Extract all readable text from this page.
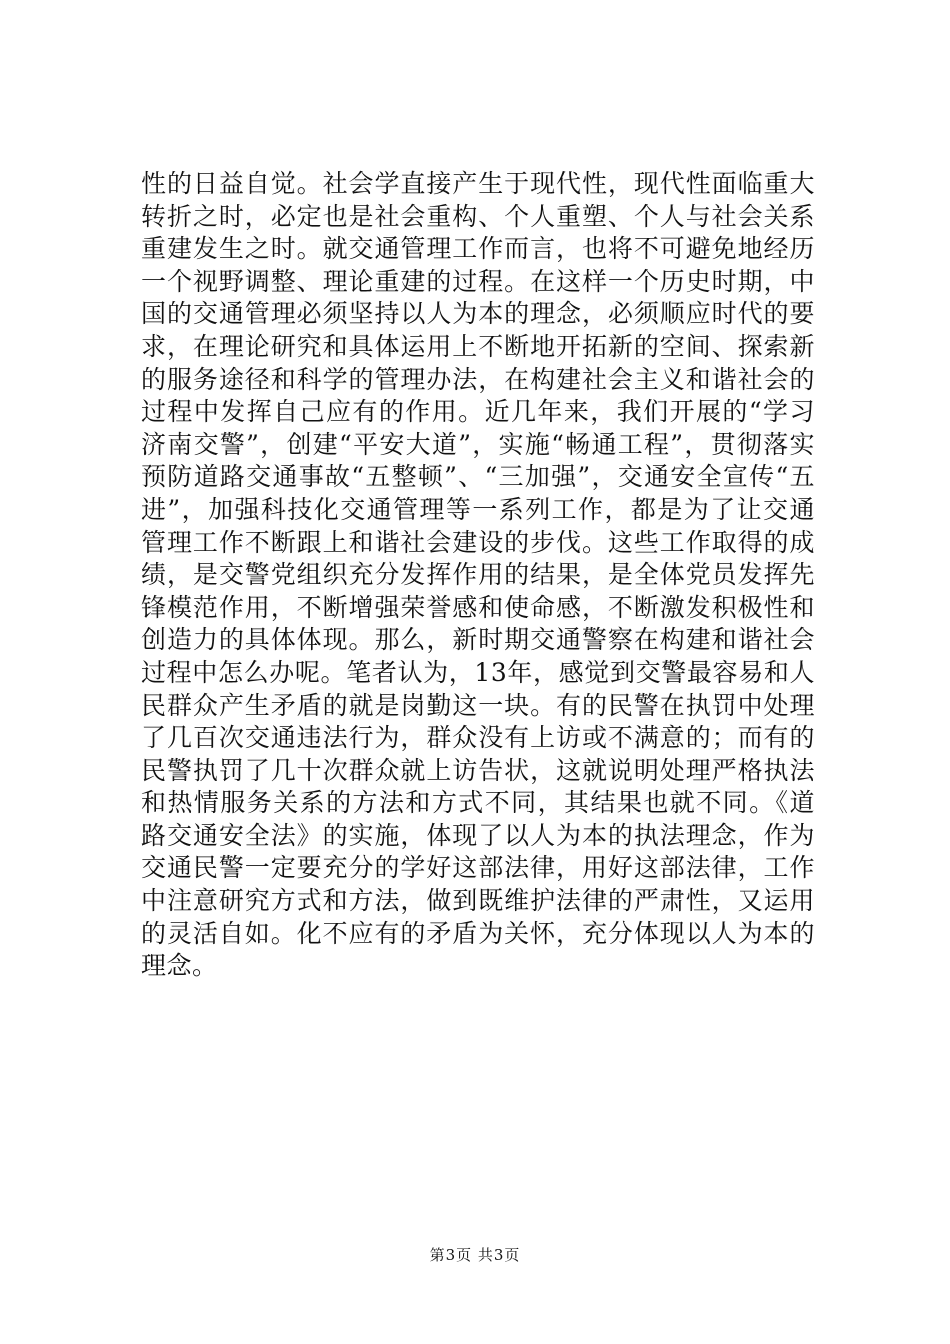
性的日益自觉。社会学直接产生于现代性，现代性面临重大转折之时，必定也是社会重构、个人重塑、个人与社会关系重建发生之时。就交通管理工作而言，也将不可避免地经历一个视野调整、理论重建的过程。在这样一个历史时期，中国的交通管理必须坚持以人为本的理念，必须顺应时代的要求，在理论研究和具体运用上不断地开拓新的空间、探索新的服务途径和科学的管理办法，在构建社会主义和谐社会的过程中发挥自己应有的作用。近几年来，我们开展的“学习济南交警”，创建“平安大道”，实施“畅通工程”，贯彻落实预防道路交通事故“五整顿”、“三加强”，交通安全宣传“五进”，加强科技化交通管理等一系列工作，都是为了让交通管理工作不断跟上和谐社会建设的步伐。这些工作取得的成绩，是交警党组织充分发挥作用的结果，是全体党员发挥先锋模范作用，不断增强荣誉感和使命感，不断激发积极性和创造力的具体体现。那么，新时期交通警察在构建和谐社会过程中怎么办呢。笔者认为，13年，感觉到交警最容易和人民群众产生矛盾的就是岗勤这一块。有的民警在执罚中处理了几百次交通违法行为，群众没有上访或不满意的；而有的民警执罚了几十次群众就上访告状，这就说明处理严格执法和热情服务关系的方法和方式不同，其结果也就不同。《道路交通安全法》的实施，体现了以人为本的执法理念，作为交通民警一定要充分的学好这部法律，用好这部法律，工作中注意研究方式和方法，做到既维护法律的严肃性，又运用的灵活自如。化不应有的矛盾为关怀，充分体现以人为本的理念。

第3页 共3页
